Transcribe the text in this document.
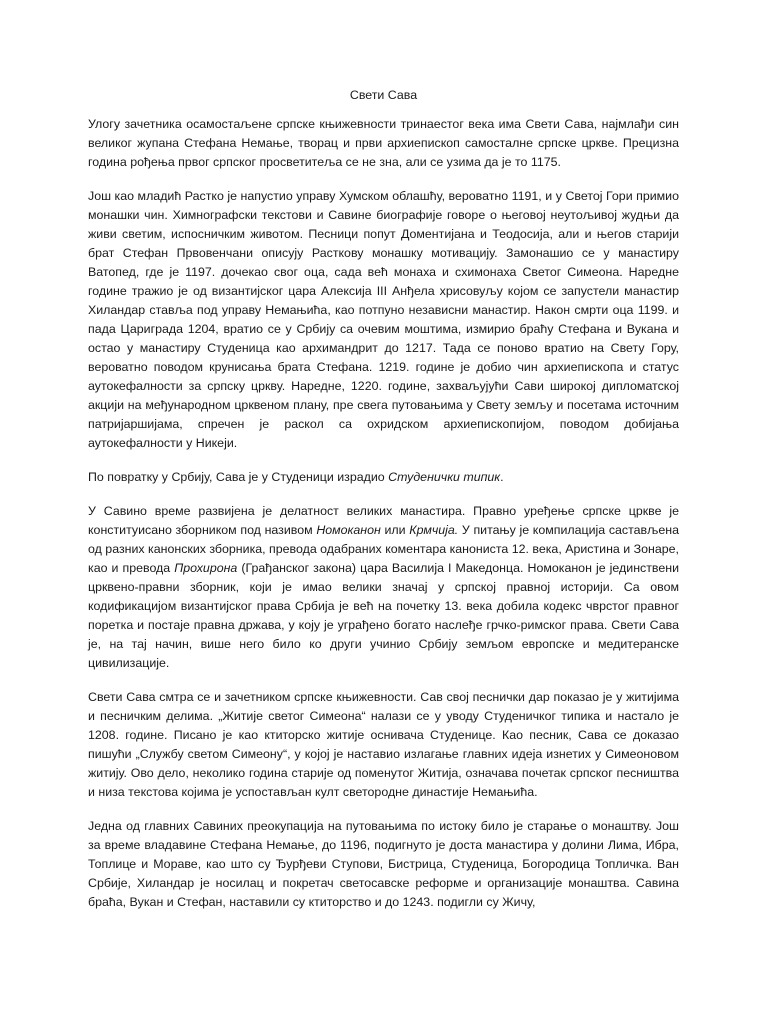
Свети Сава

Улогу зачетника осамостаљене српске књижевности тринаестог века има Свети Сава, најмлађи син великог жупана Стефана Немање, творац и први архиепископ самосталне српске цркве. Прецизна година рођења првог српског просветитеља се не зна, али се узима да је то 1175.

Још као младић Растко је напустио управу Хумском облашћу, вероватно 1191, и у Светој Гори примио монашки чин. Химнографски текстови и Савине биографије говоре о његовој неутољивој жудњи да живи светим, испосничким животом. Песници попут Доментијана и Теодосија, али и његов старији брат Стефан Првовенчани описују Расткову монашку мотивацију. Замонашио се у манастиру Ватопед, где је 1197. дочекао свог оца, сада већ монаха и схимонаха Светог Симеона. Наредне године тражио је од византијског цара Алексија III Анђела хрисовуљу којом се запустели манастир Хиландар ставља под управу Немањића, као потпуно независни манастир. Након смрти оца 1199. и пада Цариграда 1204, вратио се у Србију са очевим моштима, измирио браћу Стефана и Вукана и остао у манастиру Студеница као архимандрит до 1217. Тада се поново вратио на Свету Гору, вероватно поводом крунисања брата Стефана. 1219. године је добио чин архиепископа и статус аутокефалности за српску цркву. Наредне, 1220. године, захваљујући Сави широкој дипломатској акцији на међународном црквеном плану, пре свега путовањима у Свету земљу и посетама источним патријаршијама, спречен је раскол са охридском архиепископијом, поводом добијања аутокефалности у Никеји.

По повратку у Србију, Сава је у Студеници израдио Студенички типик.

У Савино време развијена је делатност великих манастира. Правно уређење српске цркве је конституисано зборником под називом Номоканон или Крмчија. У питању је компилација састављена од разних канонских зборника, превода одабраних коментара канониста 12. века, Аристина и Зонаре, као и превода Прохирона (Грађанског закона) цара Василија I Македонца. Номоканон је јединствени црквено-правни зборник, који је имао велики значај у српској правној историји. Са овом кодификацијом византијског права Србија је већ на почетку 13. века добила кодекс чврстог правног поретка и постаје правна држава, у коју је уграђено богато наслеђе грчко-римског права. Свети Сава је, на тај начин, више него било ко други учинио Србију земљом европске и медитеранске цивилизације.

Свети Сава смтра се и зачетником српске књижевности. Сав свој песнички дар показао је у житијима и песничким делима. „Житије светог Симеона“ налази се у уводу Студеничког типика и настало је 1208. године. Писано је као ктиторско житије оснивача Студенице. Као песник, Сава се доказао пишући „Службу светом Симеону“, у којој је наставио излагање главних идеја изнетих у Симеоновом житију. Ово дело, неколико година старије од поменутог Житија, означава почетак српског песништва и низа текстова којима је успостављан култ светородне династије Немањића.

Једна од главних Савиних преокупација на путовањима по истоку било је старање о монаштву. Још за време владавине Стефана Немање, до 1196, подигнуто је доста манастира у долини Лима, Ибра, Топлице и Мораве, као што су Ђурђеви Ступови, Бистрица, Студеница, Богородица Топличка. Ван Србије, Хиландар је носилац и покретач светосавске реформе и организације монаштва. Савина браћа, Вукан и Стефан, наставили су ктиторство и до 1243. подигли су Жичу,
